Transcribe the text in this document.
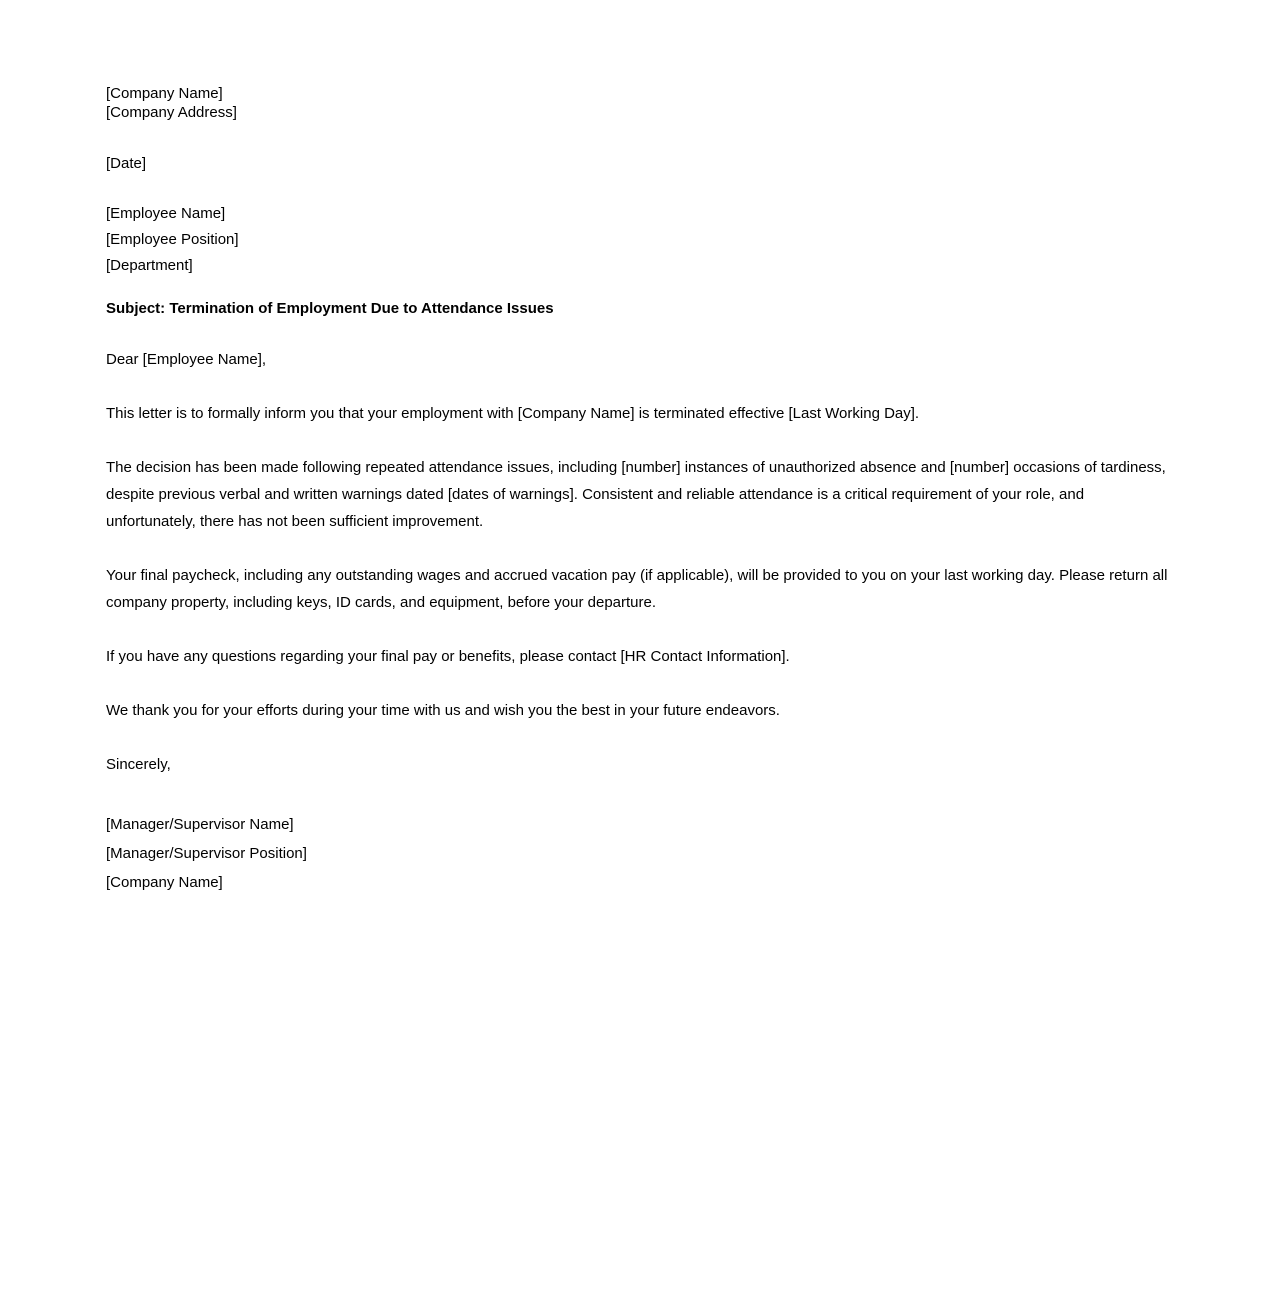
[Company Name]
[Company Address]
[Date]
[Employee Name]
[Employee Position]
[Department]
Subject: Termination of Employment Due to Attendance Issues

Dear [Employee Name],

This letter is to formally inform you that your employment with [Company Name] is terminated effective [Last Working Day].

The decision has been made following repeated attendance issues, including [number] instances of unauthorized absence and [number] occasions of tardiness, despite previous verbal and written warnings dated [dates of warnings]. Consistent and reliable attendance is a critical requirement of your role, and unfortunately, there has not been sufficient improvement.

Your final paycheck, including any outstanding wages and accrued vacation pay (if applicable), will be provided to you on your last working day. Please return all company property, including keys, ID cards, and equipment, before your departure.

If you have any questions regarding your final pay or benefits, please contact [HR Contact Information].

We thank you for your efforts during your time with us and wish you the best in your future endeavors.

Sincerely,

[Manager/Supervisor Name]
[Manager/Supervisor Position]
[Company Name]
